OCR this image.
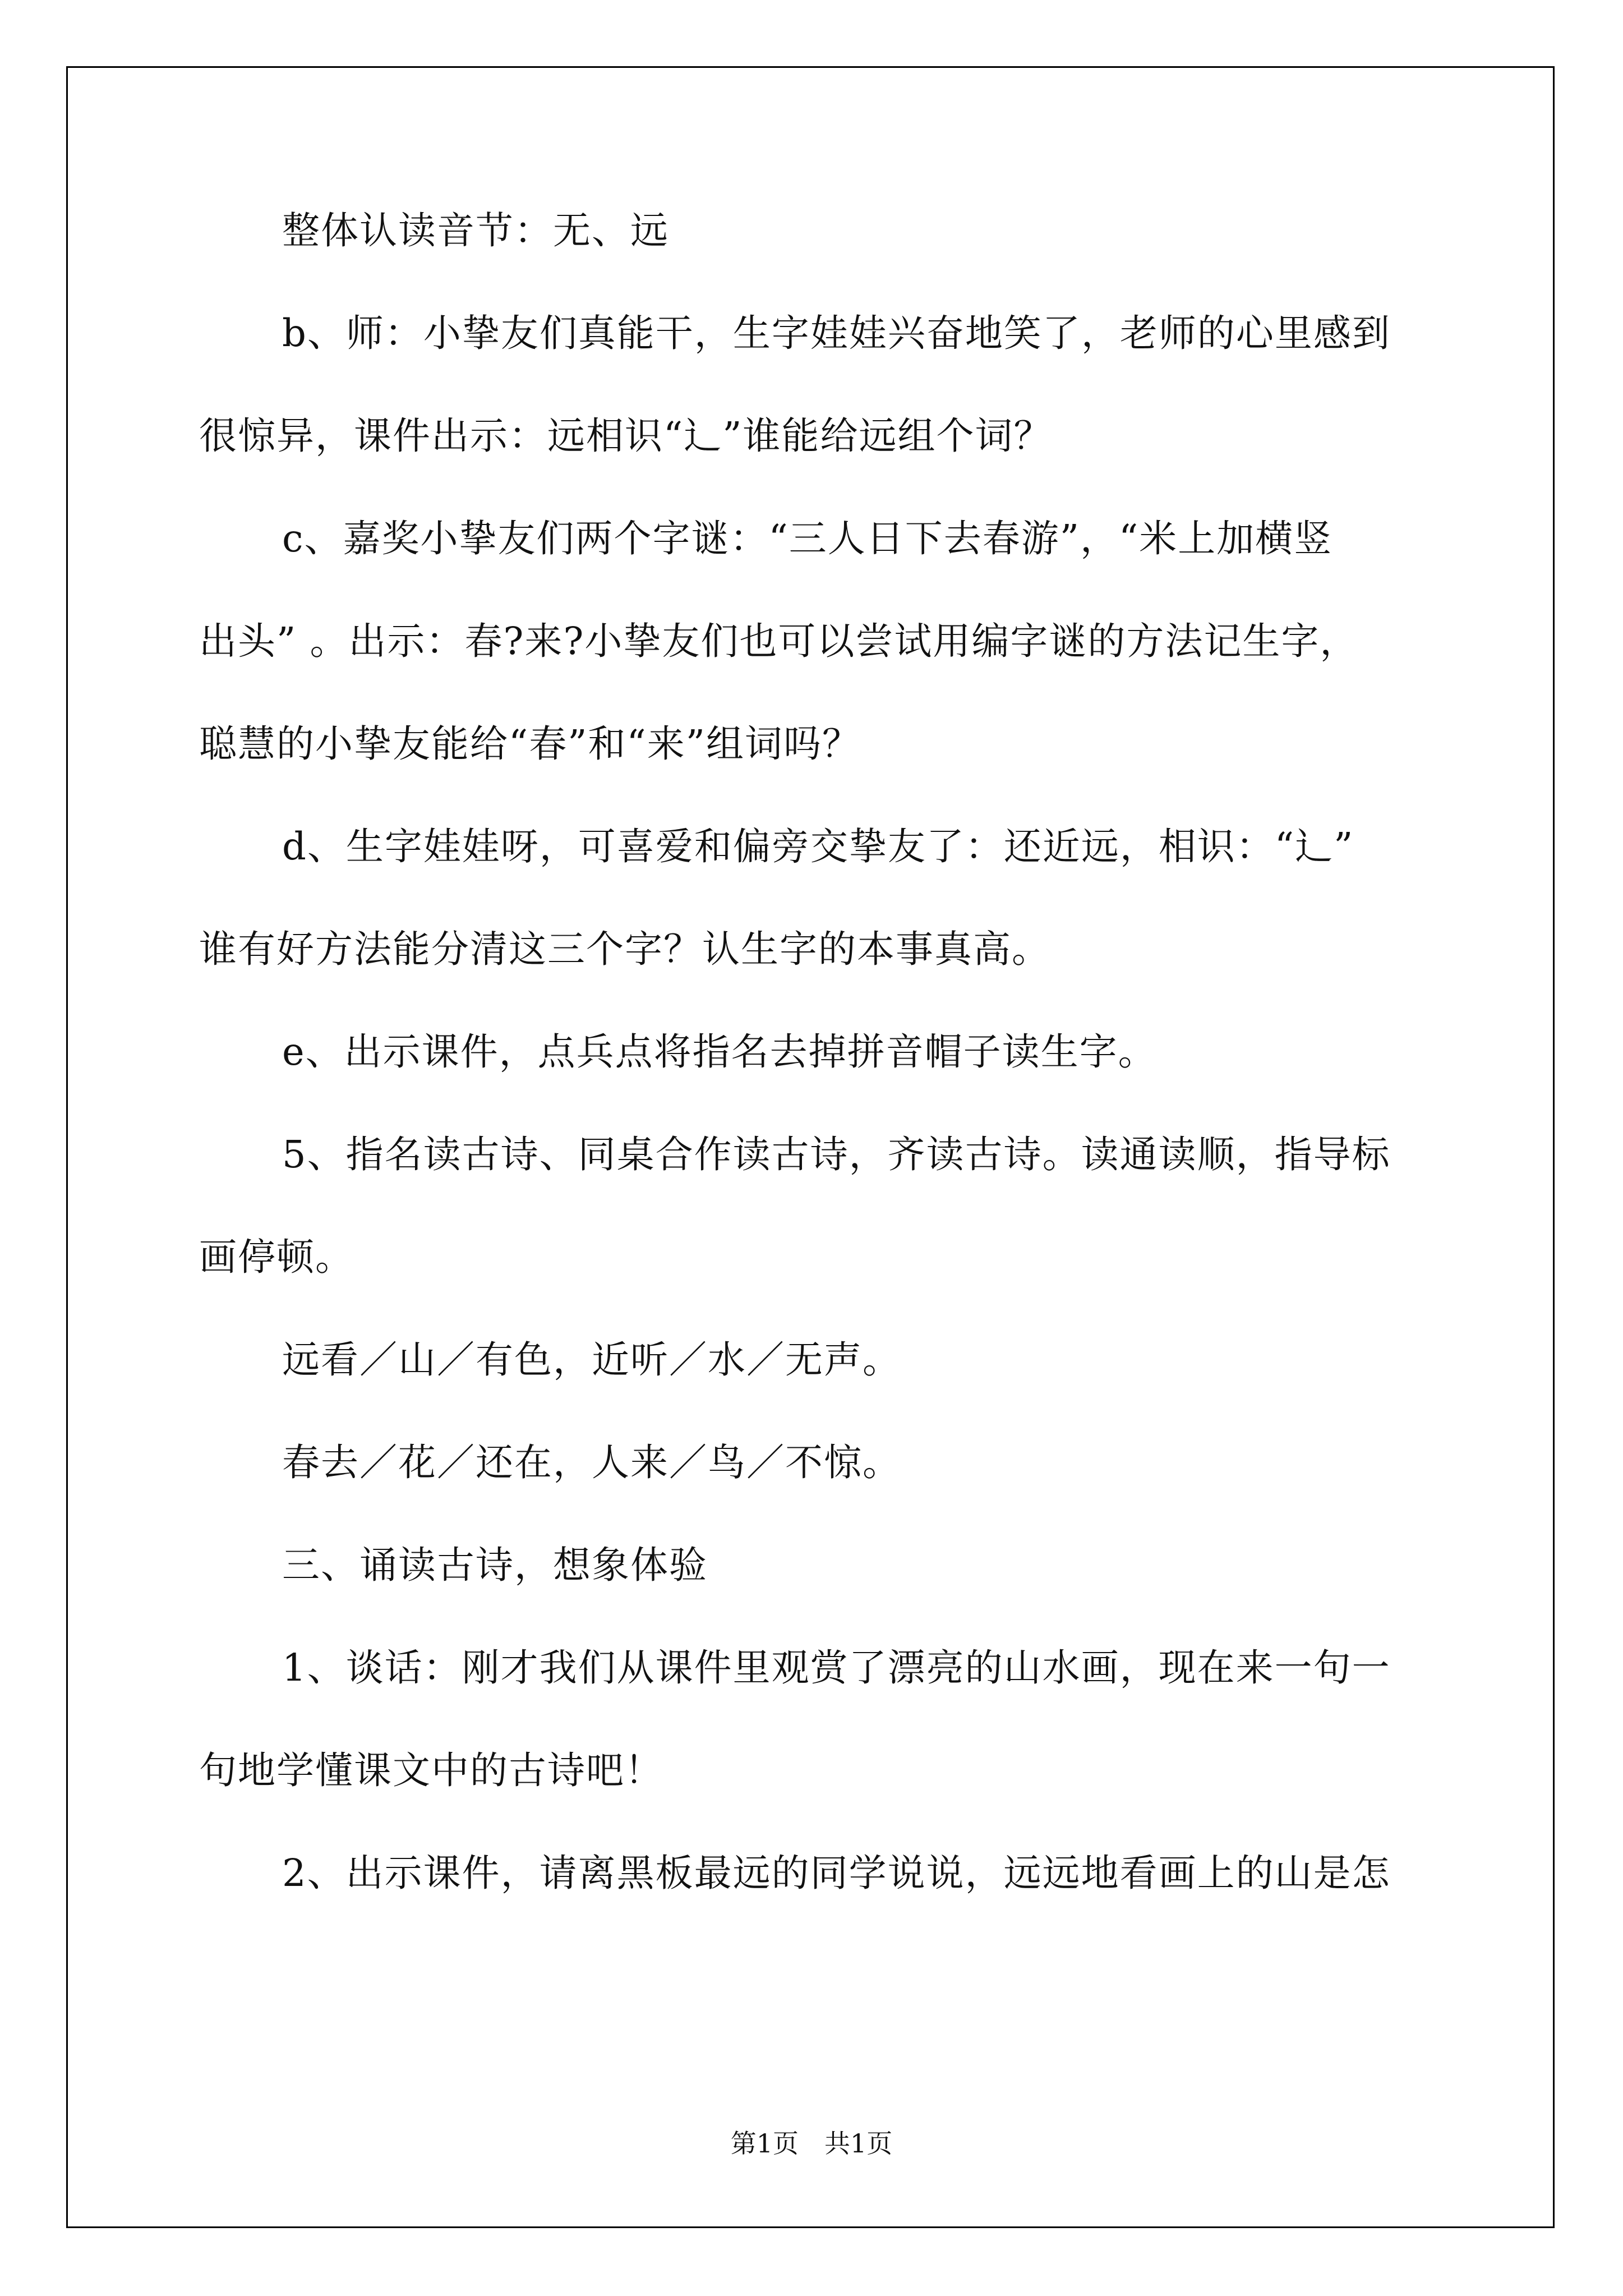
整体认读音节：无、远
b、师：小挚友们真能干，生字娃娃兴奋地笑了，老师的心里感到
很惊异，课件出示：远相识“辶”谁能给远组个词？
c、嘉奖小挚友们两个字谜：“三人日下去春游”，“米上加横竖
出头” 。出示：春?来?小挚友们也可以尝试用编字谜的方法记生字，
聪慧的小挚友能给“春”和“来”组词吗？
d、生字娃娃呀，可喜爱和偏旁交挚友了：还近远，相识：“辶”
谁有好方法能分清这三个字？认生字的本事真高。
e、出示课件，点兵点将指名去掉拼音帽子读生字。
5、指名读古诗、同桌合作读古诗，齐读古诗。读通读顺，指导标
画停顿。
远看／山／有色，近听／水／无声。
春去／花／还在，人来／鸟／不惊。
三、诵读古诗，想象体验
1、谈话：刚才我们从课件里观赏了漂亮的山水画，现在来一句一
句地学懂课文中的古诗吧！
2、出示课件，请离黑板最远的同学说说，远远地看画上的山是怎
第1页　共1页
